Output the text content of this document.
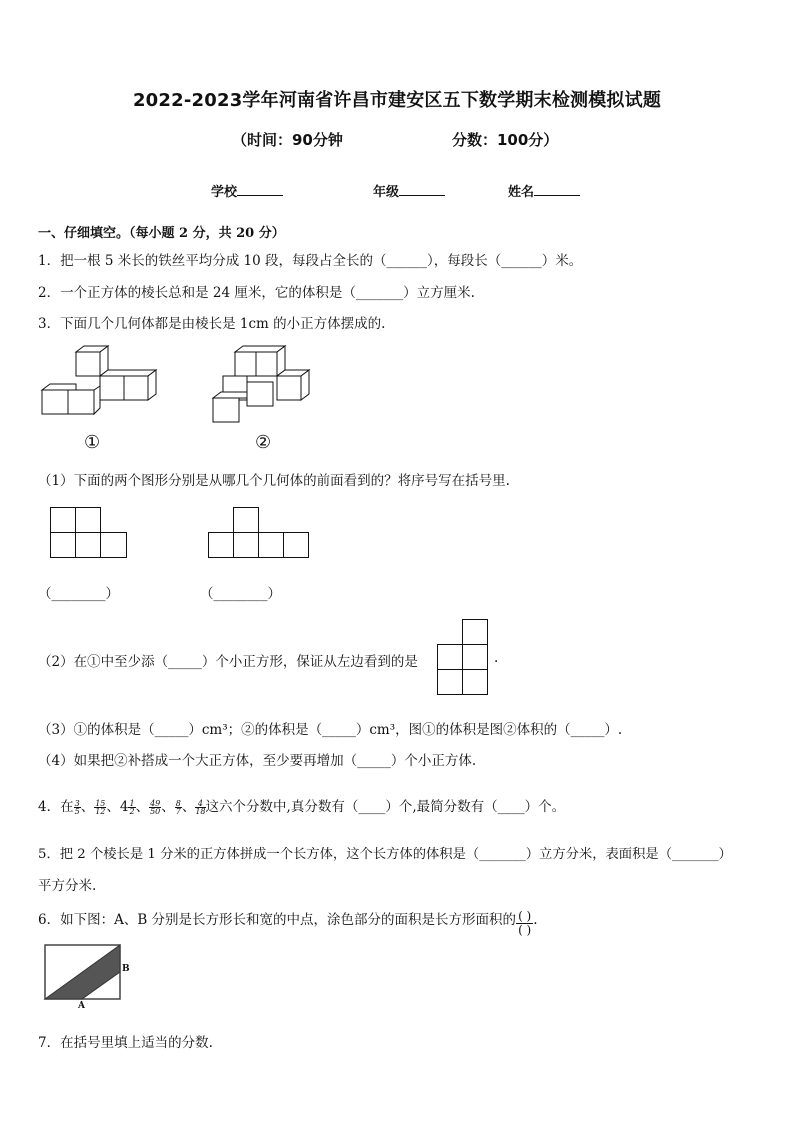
2022-2023学年河南省许昌市建安区五下数学期末检测模拟试题
（时间：90分钟	分数：100分）
学校	年级	姓名
一、仔细填空。（每小题 2 分，共 20 分）
1．把一根 5 米长的铁丝平均分成 10 段，每段占全长的（______），每段长（______）米。
2．一个正方体的棱长总和是 24 厘米，它的体积是（_______）立方厘米.
3．下面几个几何体都是由棱长是 1cm 的小正方体摆成的.
①	②
（1）下面的两个图形分别是从哪几个几何体的前面看到的？将序号写在括号里.
（________）	（________）
（2）在①中至少添（_____）个小正方形，保证从左边看到的是	.
（3）①的体积是（_____）cm³；②的体积是（_____）cm³，图①的体积是图②体积的（_____）.
（4）如果把②补搭成一个大正方体，至少要再增加（_____）个小正方体.
4．在 $\frac{3}{5}$ 、 $\frac{15}{12}$ 、$4 \frac{1}{2}$ 、 $\frac{49}{50}$ 、 $\frac{8}{7}$ 、 $\frac{4}{18}$ 这六个分数中,真分数有（____）个,最简分数有（____）个。
5．把 2 个棱长是 1 分米的正方体拼成一个长方体，这个长方体的体积是（_______）立方分米，表面积是（_______）
平方分米.
6．如下图：A、B 分别是长方形长和宽的中点，涂色部分的面积是长方形面积的 ( )
( )
.
B
A
7．在括号里填上适当的分数.
